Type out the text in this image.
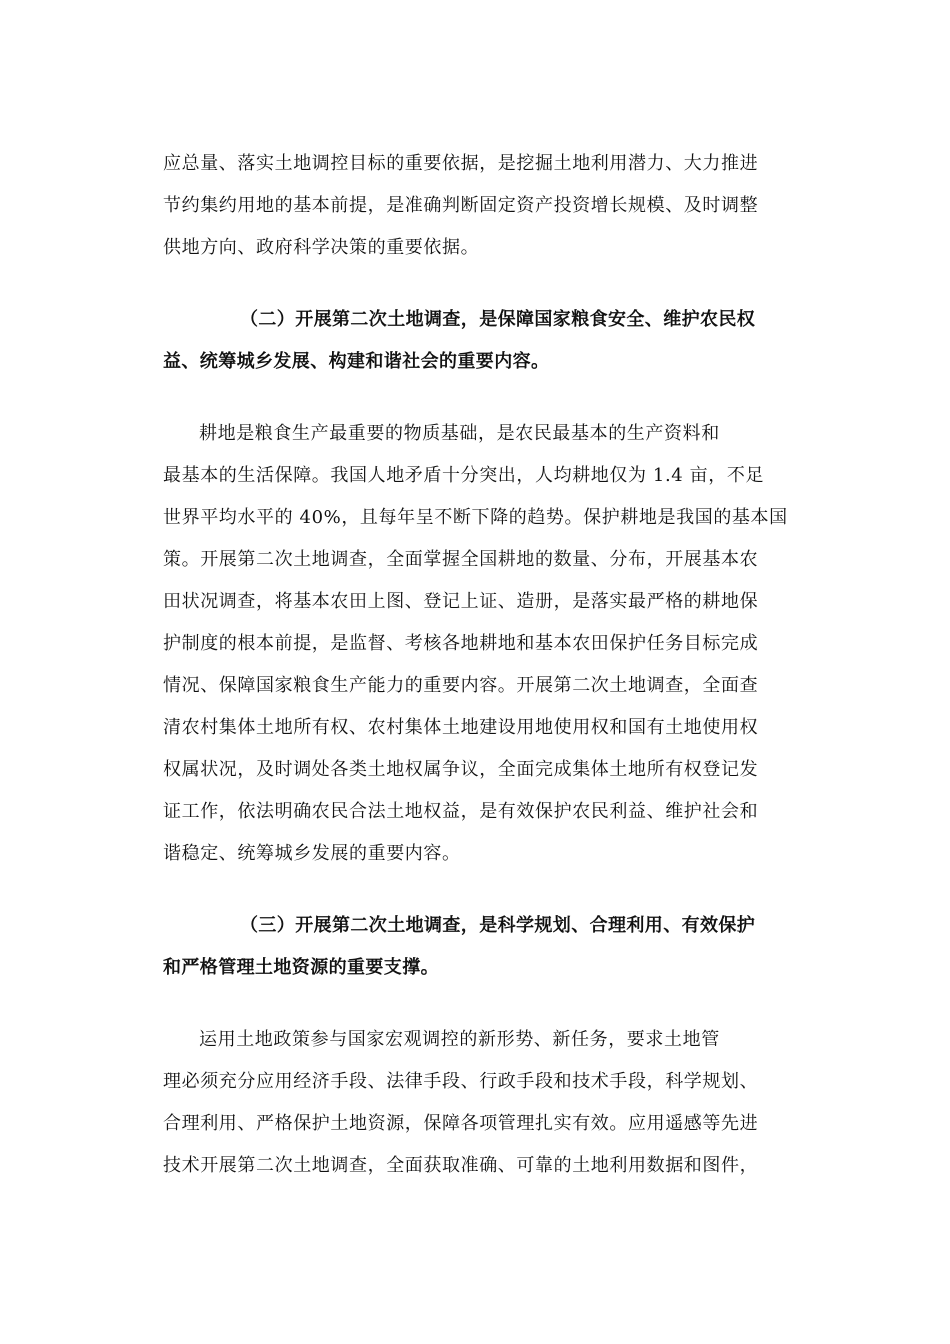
应总量、落实土地调控目标的重要依据，是挖掘土地利用潜力、大力推进
节约集约用地的基本前提，是准确判断固定资产投资增长规模、及时调整
供地方向、政府科学决策的重要依据。
（二）开展第二次土地调查，是保障国家粮食安全、维护农民权
益、统筹城乡发展、构建和谐社会的重要内容。
耕地是粮食生产最重要的物质基础，是农民最基本的生产资料和
最基本的生活保障。我国人地矛盾十分突出，人均耕地仅为 1.4 亩，不足
世界平均水平的 40%，且每年呈不断下降的趋势。保护耕地是我国的基本国
策。开展第二次土地调查，全面掌握全国耕地的数量、分布，开展基本农
田状况调查，将基本农田上图、登记上证、造册，是落实最严格的耕地保
护制度的根本前提，是监督、考核各地耕地和基本农田保护任务目标完成
情况、保障国家粮食生产能力的重要内容。开展第二次土地调查，全面查
清农村集体土地所有权、农村集体土地建设用地使用权和国有土地使用权
权属状况，及时调处各类土地权属争议，全面完成集体土地所有权登记发
证工作，依法明确农民合法土地权益，是有效保护农民利益、维护社会和
谐稳定、统筹城乡发展的重要内容。
（三）开展第二次土地调查，是科学规划、合理利用、有效保护
和严格管理土地资源的重要支撑。
运用土地政策参与国家宏观调控的新形势、新任务，要求土地管
理必须充分应用经济手段、法律手段、行政手段和技术手段，科学规划、
合理利用、严格保护土地资源，保障各项管理扎实有效。应用遥感等先进
技术开展第二次土地调查，全面获取准确、可靠的土地利用数据和图件，
